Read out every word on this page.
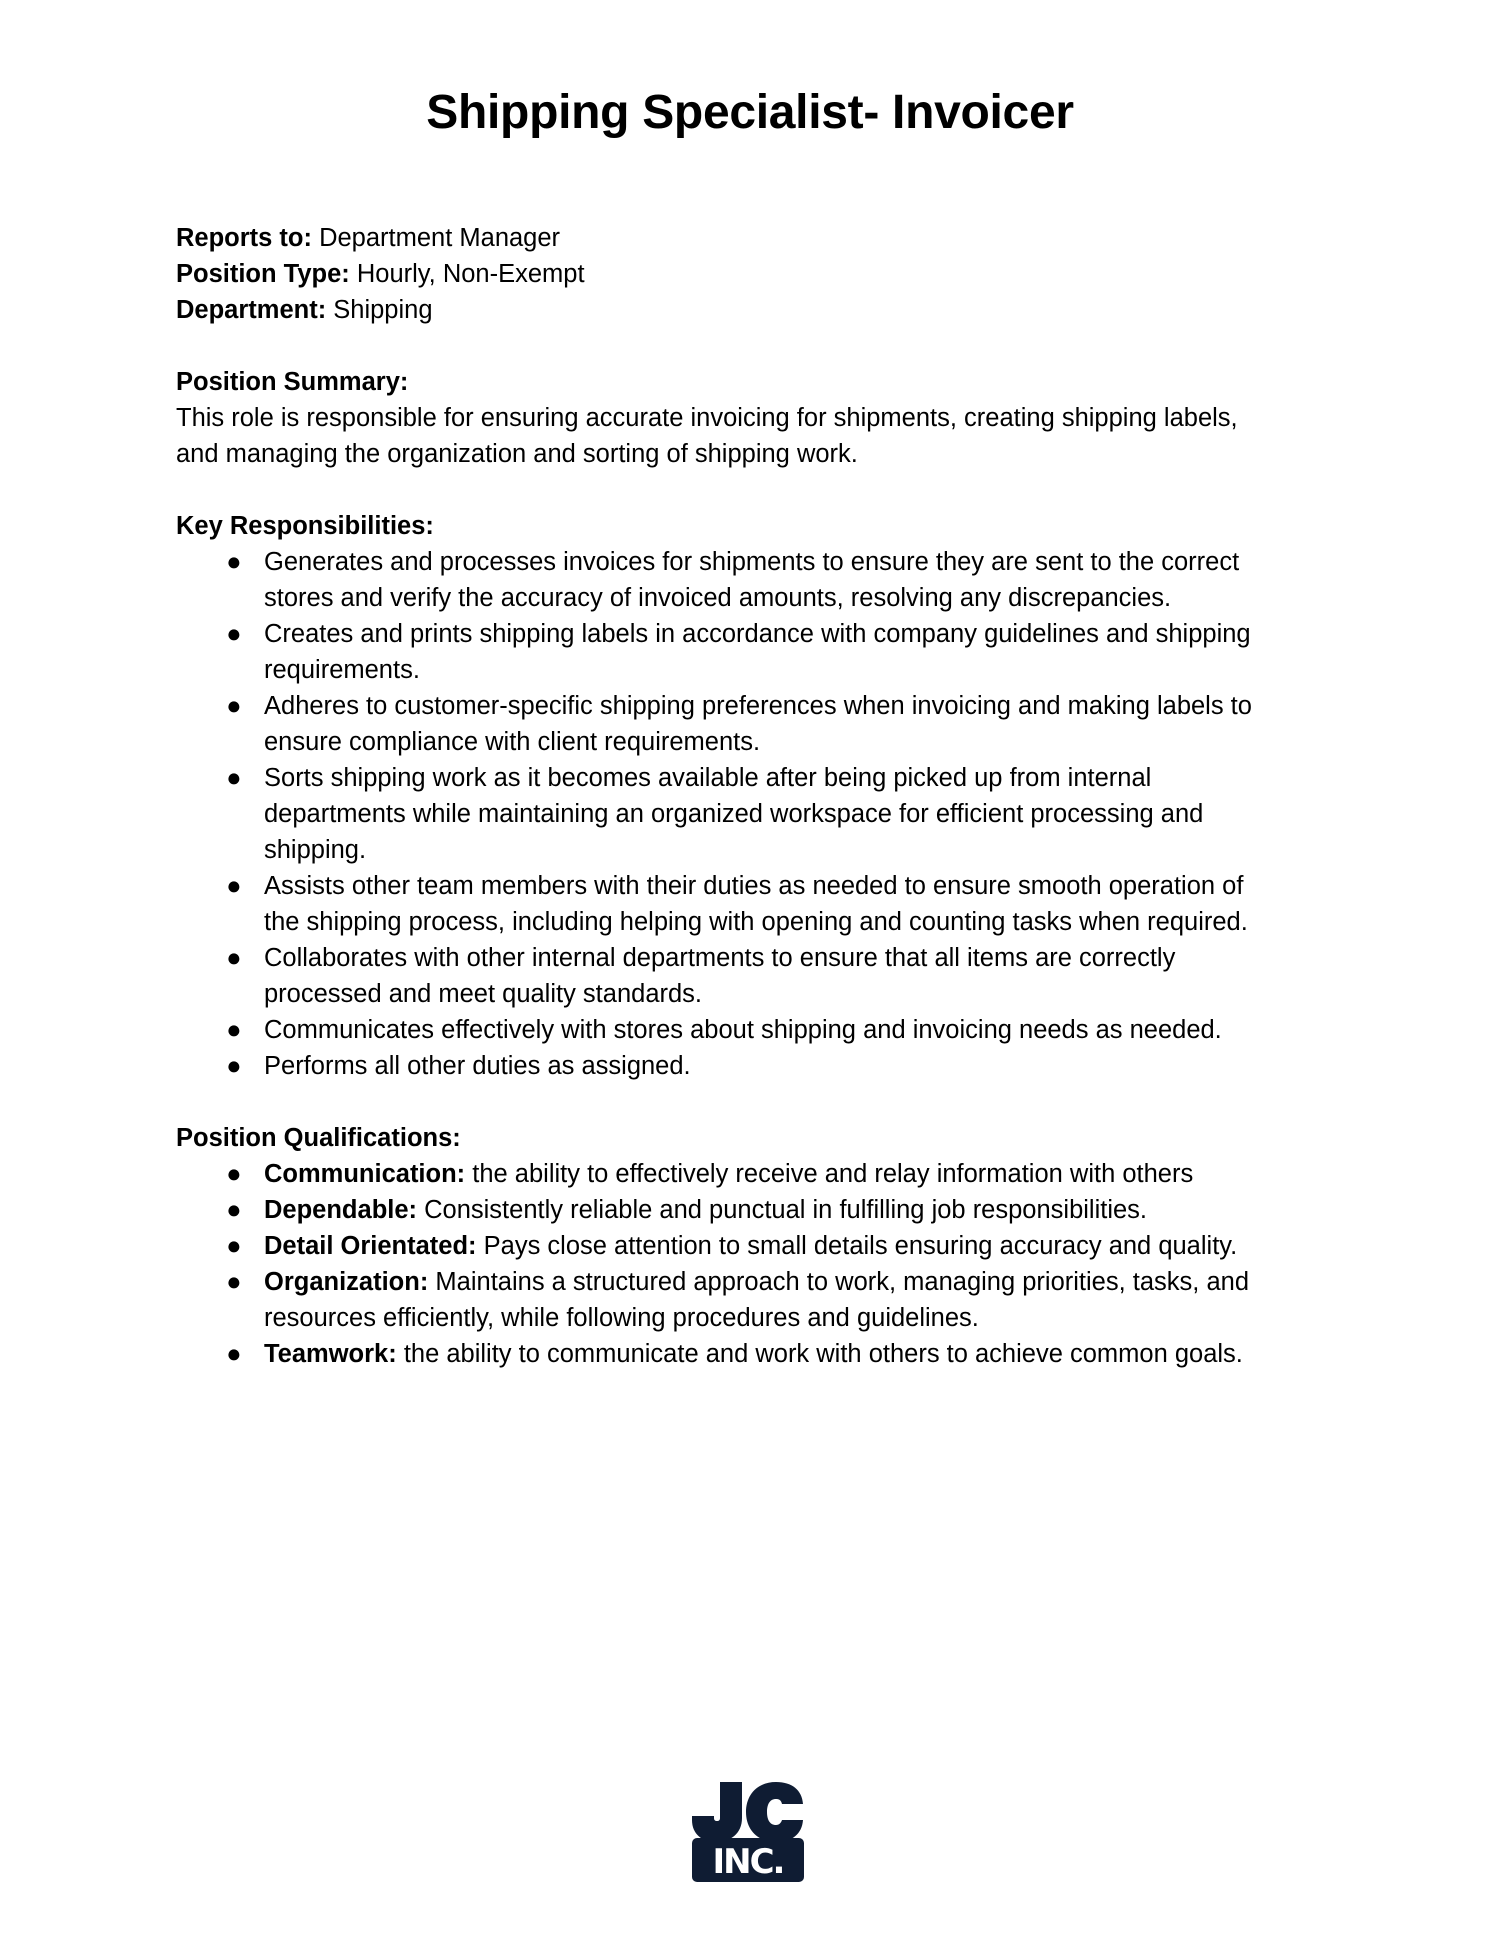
Shipping Specialist- Invoicer

Reports to: Department Manager

Position Type: Hourly, Non-Exempt

Department: Shipping

Position Summary:

This role is responsible for ensuring accurate invoicing for shipments, creating shipping labels,

and managing the organization and sorting of shipping work.

Key Responsibilities:

● Generates and processes invoices for shipments to ensure they are sent to the correct
stores and verify the accuracy of invoiced amounts, resolving any discrepancies.
● Creates and prints shipping labels in accordance with company guidelines and shipping
requirements.
● Adheres to customer-specific shipping preferences when invoicing and making labels to
ensure compliance with client requirements.
● Sorts shipping work as it becomes available after being picked up from internal
departments while maintaining an organized workspace for efficient processing and
shipping.
● Assists other team members with their duties as needed to ensure smooth operation of
the shipping process, including helping with opening and counting tasks when required.
● Collaborates with other internal departments to ensure that all items are correctly
processed and meet quality standards.
● Communicates effectively with stores about shipping and invoicing needs as needed.
● Performs all other duties as assigned.

Position Qualifications:

● Communication: the ability to effectively receive and relay information with others
● Dependable: Consistently reliable and punctual in fulfilling job responsibilities.
● Detail Orientated: Pays close attention to small details ensuring accuracy and quality.
● Organization: Maintains a structured approach to work, managing priorities, tasks, and
resources efficiently, while following procedures and guidelines.
● Teamwork: the ability to communicate and work with others to achieve common goals.
INC.
